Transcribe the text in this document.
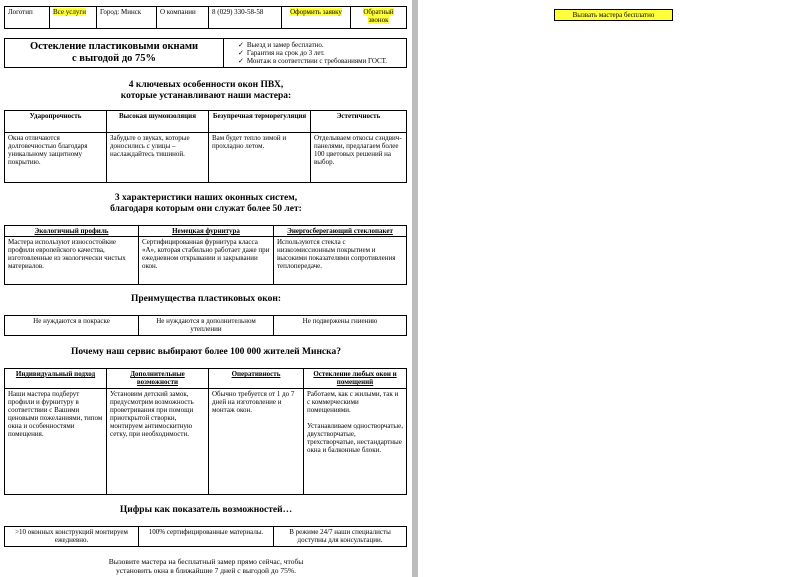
Логотип	Все услуги	Город: Минск	О компании	8 (029) 330-58-58	Оформить заявку	Обратный звонок
Остекление пластиковыми окнами
с выгодой до 75%

✓ Выезд и замер бесплатно.
✓ Гарантия на срок до 3 лет.
✓ Монтаж в соответствии с требованиями ГОСТ.
4 ключевых особенности окон ПВХ,
которые устанавливают наши мастера:
Ударопрочность	Высокая шумоизоляция	Безупречная терморегуляция	Эстетичность
Окна отличаются долговечностью благодаря уникальному защитному покрытию.	Забудьте о звуках, которые доносились с улицы – наслаждайтесь тишиной.	Вам будет тепло зимой и прохладно летом.	Отделываем откосы сэндвич-панелями, предлагаем более 100 цветовых решений на выбор.
3 характеристики наших оконных систем,
благодаря которым они служат более 50 лет:
Экологичный профиль	Немецкая фурнитура	Энергосберегающий стеклопакет
Мастера используют износостойкие профили европейского качества, изготовленные из экологически чистых материалов.	Сертифицированная фурнитура класса «А», которая стабильно работает даже при ежедневном открывании и закрывании окон.	Используются стекла с низкоэмиссионным покрытием и высокими показателями сопротивления теплопередаче.
Преимущества пластиковых окон:
Не нуждаются в покраске	Не нуждаются в дополнительном утеплении	Не подвержены гниению
Почему наш сервис выбирают более 100 000 жителей Минска?
Индивидуальный подход	Дополнительные возможности	Оперативность	Остекление любых окон и помещений
Наши мастера подберут профили и фурнитуру в соответствии с Вашими ценовыми пожеланиями, типом окна и особенностями помещения.	Установим детский замок, предусмотрим возможность проветривания при помощи приоткрытой створки, монтируем антимоскитную сетку, при необходимости.	Обычно требуется от 1 до 7 дней на изготовление и монтаж окон.	Работаем, как с жилыми, так и с коммерческими помещениями.
Устанавливаем одностворчатые, двухстворчатые, трехстворчатые, нестандартные окна и балконные блоки.
Цифры как показатель возможностей…
>10 оконных конструкций монтируем ежедневно.	100% сертифицированные материалы.	В режиме 24/7 наши специалисты доступны для консультации.
Вызовите мастера на бесплатный замер прямо сейчас, чтобы
установить окна в ближайшие 7 дней с выгодой до 75%.
Вызвать мастера бесплатно
